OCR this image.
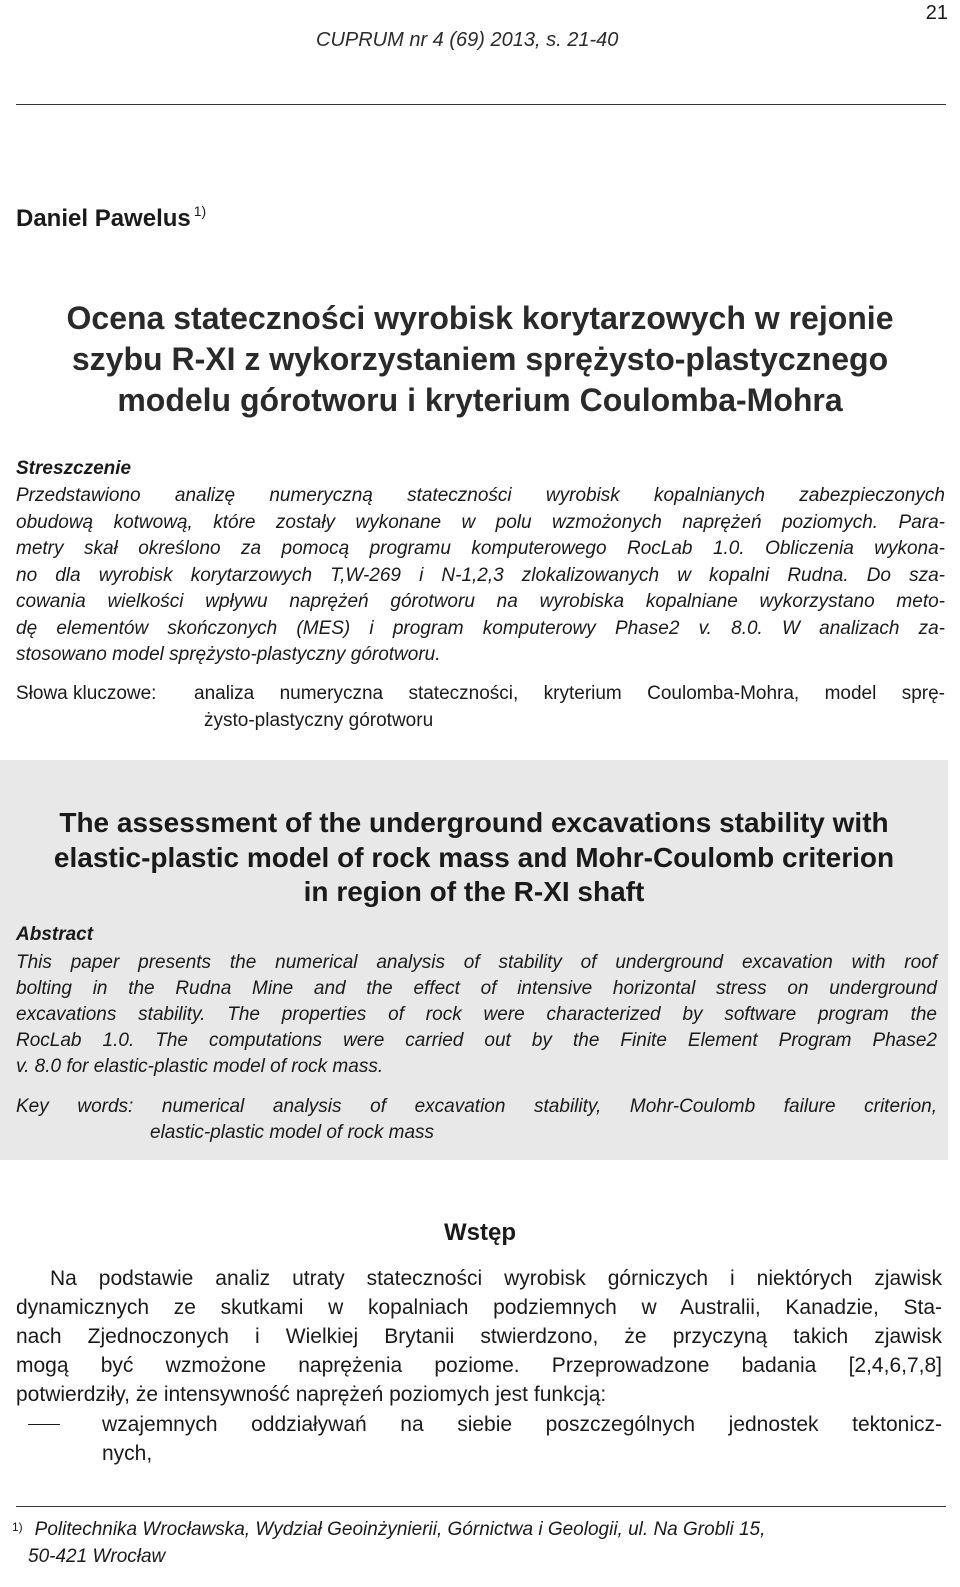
21
CUPRUM nr 4 (69) 2013, s. 21-40
Daniel Pawelus $^{1)}$
Ocena stateczności wyrobisk korytarzowych w rejonie
szybu R-XI z wykorzystaniem sprężysto-plastycznego
modelu górotworu i kryterium Coulomba-Mohra
Streszczenie
Przedstawiono analizę numeryczną stateczności wyrobisk kopalnianych zabezpieczonych
obudową kotwową, które zostały wykonane w polu wzmożonych naprężeń poziomych. Para-
metry skał określono za pomocą programu komputerowego RocLab 1.0. Obliczenia wykona-
no dla wyrobisk korytarzowych T,W-269 i N-1,2,3 zlokalizowanych w kopalni Rudna. Do sza-
cowania wielkości wpływu naprężeń górotworu na wyrobiska kopalniane wykorzystano meto-
dę elementów skończonych (MES) i program komputerowy Phase2 v. 8.0. W analizach za-
stosowano model sprężysto-plastyczny górotworu.
Słowa kluczowe: analiza numeryczna stateczności, kryterium Coulomba-Mohra, model sprę-
żysto-plastyczny górotworu
The assessment of the underground excavations stability with
elastic-plastic model of rock mass and Mohr-Coulomb criterion
in region of the R-XI shaft
Abstract
This paper presents the numerical analysis of stability of underground excavation with roof
bolting in the Rudna Mine and the effect of intensive horizontal stress on underground
excavations stability. The properties of rock were characterized by software program the
RocLab 1.0. The computations were carried out by the Finite Element Program Phase2
v. 8.0 for elastic-plastic model of rock mass.
Key words: numerical analysis of excavation stability, Mohr-Coulomb failure criterion,
elastic-plastic model of rock mass
Wstęp
Na podstawie analiz utraty stateczności wyrobisk górniczych i niektórych zjawisk
dynamicznych ze skutkami w kopalniach podziemnych w Australii, Kanadzie, Sta-
nach Zjednoczonych i Wielkiej Brytanii stwierdzono, że przyczyną takich zjawisk
mogą być wzmożone naprężenia poziome. Przeprowadzone badania [2,4,6,7,8]
potwierdziły, że intensywność naprężeń poziomych jest funkcją:
wzajemnych oddziaływań na siebie poszczególnych jednostek tektonicz-
nych,
$^{1)}$ Politechnika Wrocławska, Wydział Geoinżynierii, Górnictwa i Geologii, ul. Na Grobli 15,
50-421 Wrocław
